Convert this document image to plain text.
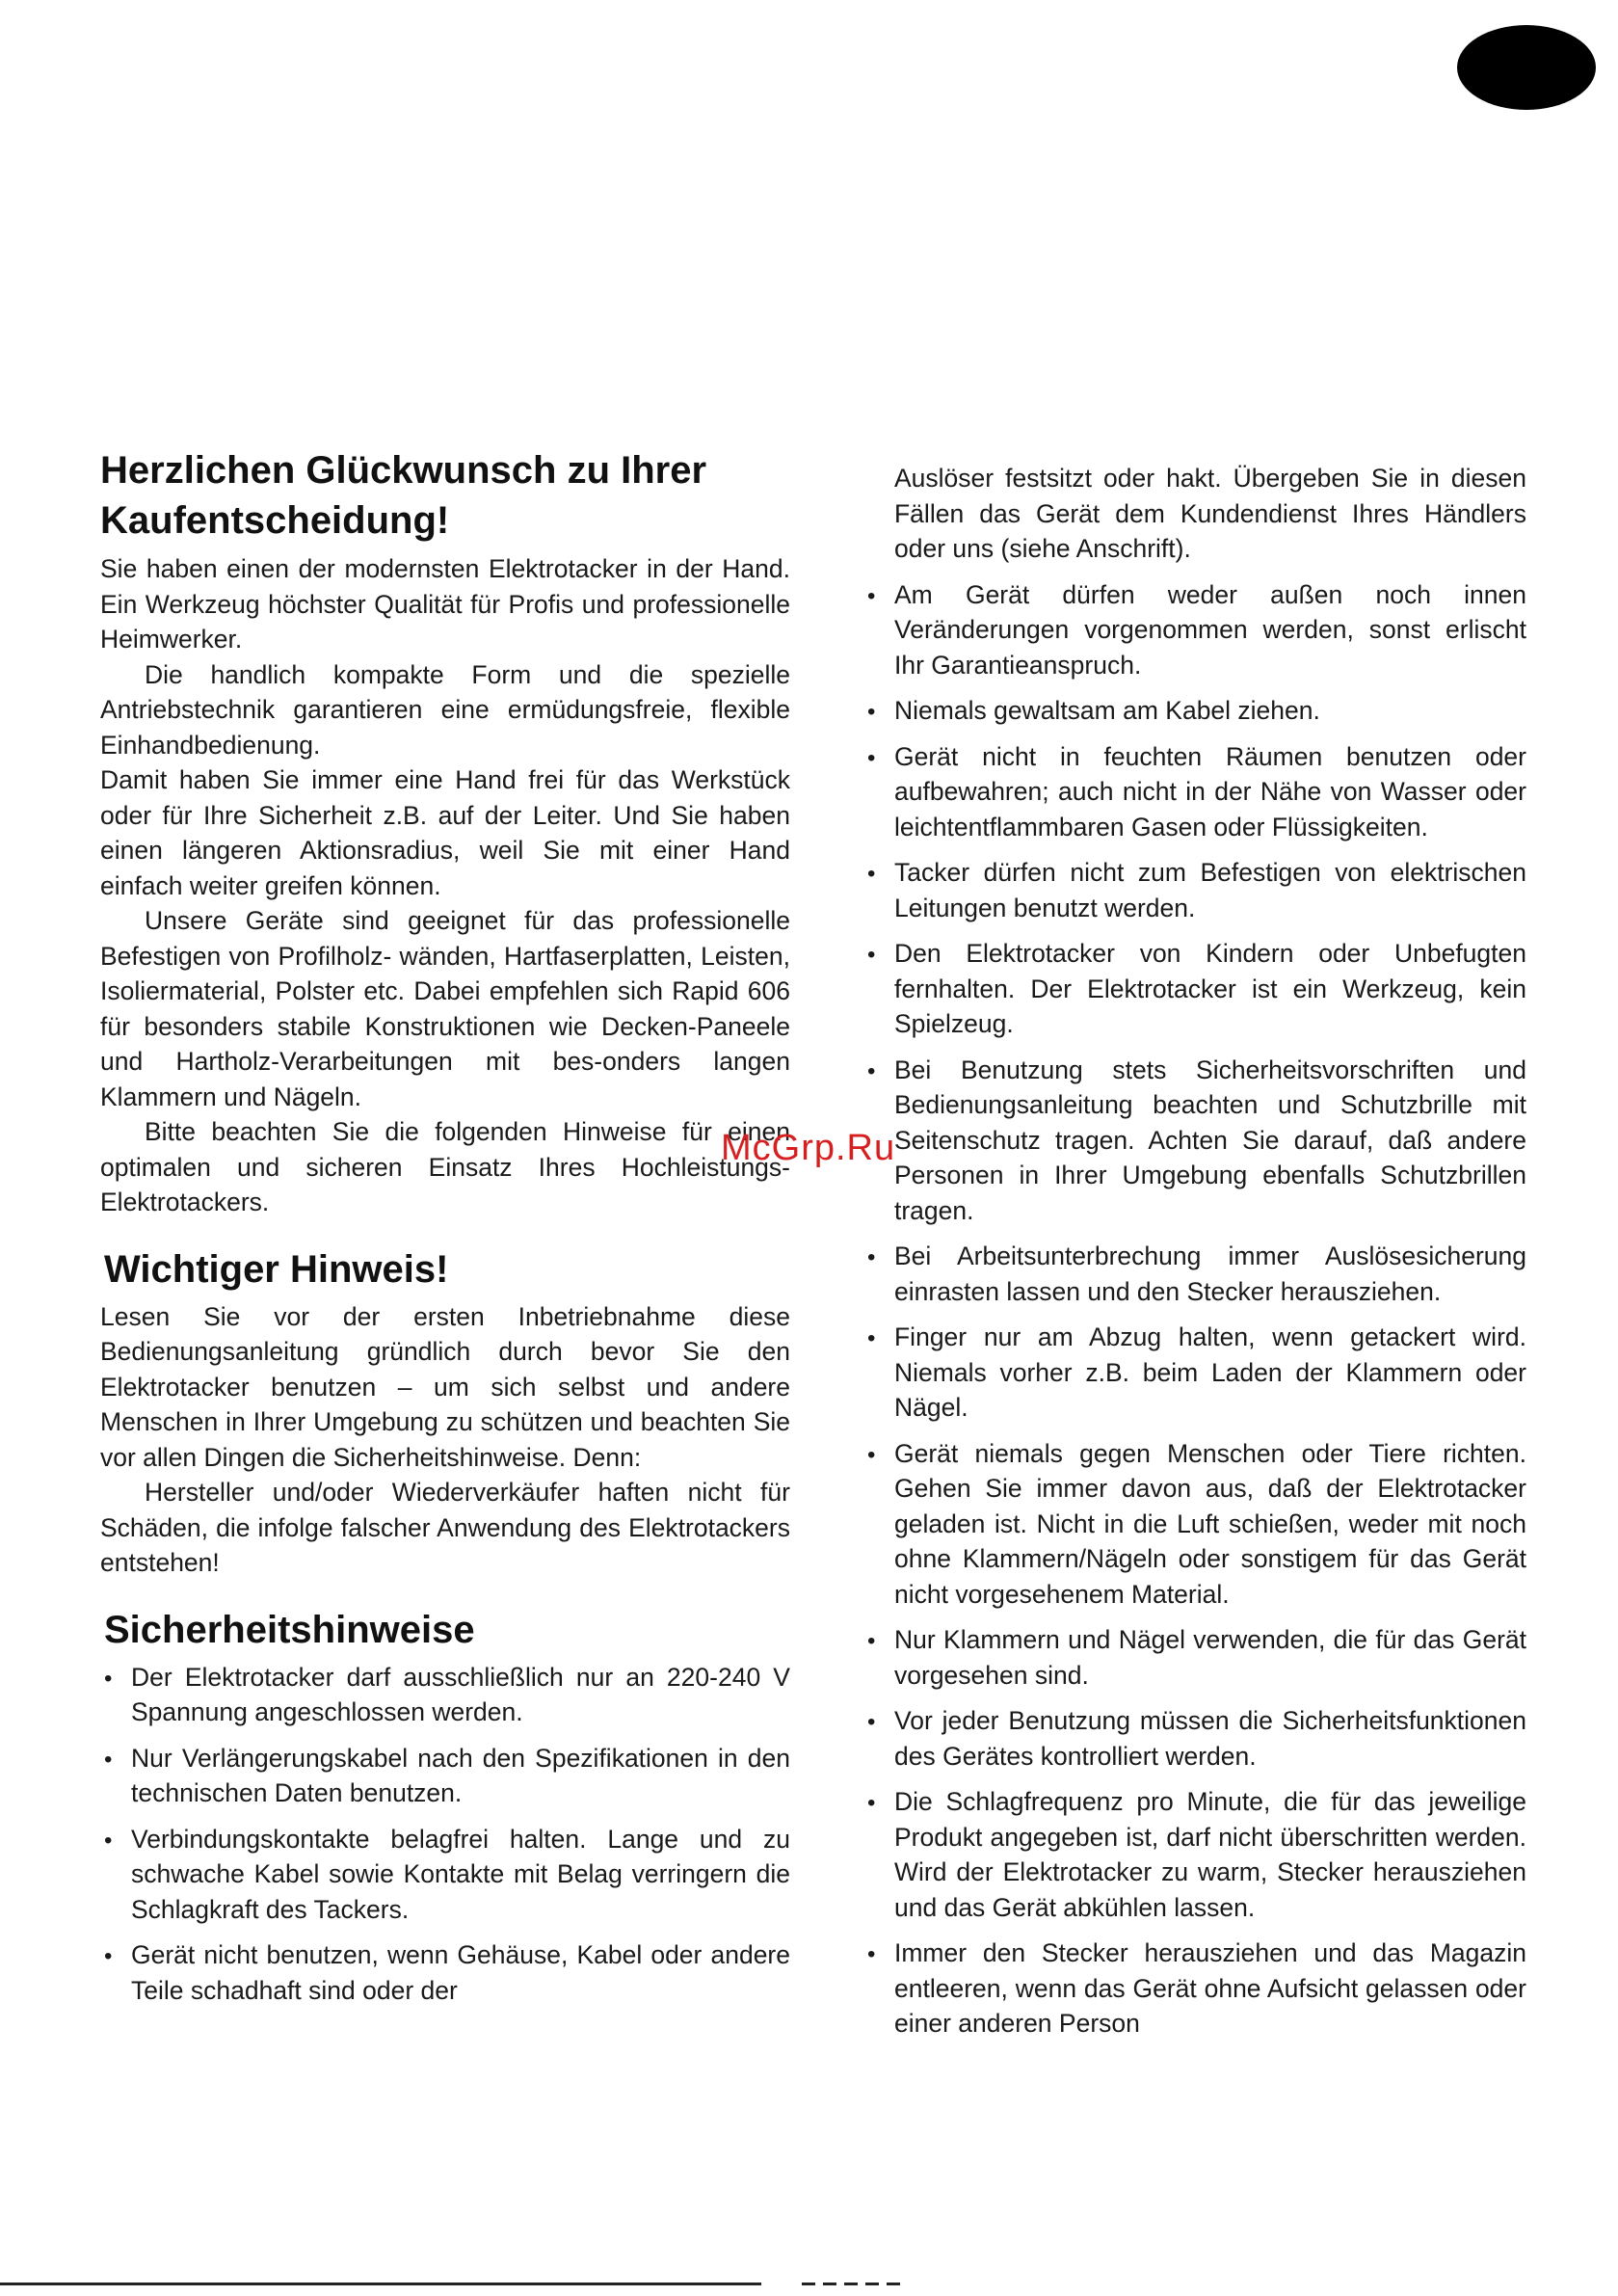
Herzlichen Glückwunsch zu Ihrer Kaufentscheidung!

Sie haben einen der modernsten Elektrotacker in der Hand. Ein Werkzeug höchster Qualität für Profis und professionelle Heimwerker.

Die handlich kompakte Form und die spezielle Antriebstechnik garantieren eine ermüdungsfreie, flexible Einhandbedienung.

Damit haben Sie immer eine Hand frei für das Werkstück oder für Ihre Sicherheit z.B. auf der Leiter. Und Sie haben einen längeren Aktionsradius, weil Sie mit einer Hand einfach weiter greifen können.

Unsere Geräte sind geeignet für das professionelle Befestigen von Profilholz- wänden, Hartfaserplatten, Leisten, Isoliermaterial, Polster etc. Dabei empfehlen sich Rapid 606 für besonders stabile Konstruktionen wie Decken-Paneele und Hartholz-Verarbeitungen mit bes-onders langen Klammern und Nägeln.

Bitte beachten Sie die folgenden Hinweise für einen optimalen und sicheren Einsatz Ihres Hochleistungs-Elektrotackers.

Wichtiger Hinweis!

Lesen Sie vor der ersten Inbetriebnahme diese Bedienungsanleitung gründlich durch bevor Sie den Elektrotacker benutzen – um sich selbst und andere Menschen in Ihrer Umgebung zu schützen und beachten Sie vor allen Dingen die Sicherheitshinweise. Denn:

Hersteller und/oder Wiederverkäufer haften nicht für Schäden, die infolge falscher Anwendung des Elektrotackers entstehen!

Sicherheitshinweise
• Der Elektrotacker darf ausschließlich nur an 220-240 V Spannung angeschlossen werden.
• Nur Verlängerungskabel nach den Spezifikationen in den technischen Daten benutzen.
• Verbindungskontakte belagfrei halten. Lange und zu schwache Kabel sowie Kontakte mit Belag verringern die Schlagkraft des Tackers.
• Gerät nicht benutzen, wenn Gehäuse, Kabel oder andere Teile schadhaft sind oder der

Auslöser festsitzt oder hakt. Übergeben Sie in diesen Fällen das Gerät dem Kundendienst Ihres Händlers oder uns (siehe Anschrift).

• Am Gerät dürfen weder außen noch innen Veränderungen vorgenommen werden, sonst erlischt Ihr Garantieanspruch.
• Niemals gewaltsam am Kabel ziehen.
• Gerät nicht in feuchten Räumen benutzen oder aufbewahren; auch nicht in der Nähe von Wasser oder leichtentflammbaren Gasen oder Flüssigkeiten.
• Tacker dürfen nicht zum Befestigen von elektrischen Leitungen benutzt werden.
• Den Elektrotacker von Kindern oder Unbefugten fernhalten. Der Elektrotacker ist ein Werkzeug, kein Spielzeug.
• Bei Benutzung stets Sicherheitsvorschriften und Bedienungsanleitung beachten und Schutzbrille mit Seitenschutz tragen. Achten Sie darauf, daß andere Personen in Ihrer Umgebung ebenfalls Schutzbrillen tragen.
• Bei Arbeitsunterbrechung immer Auslösesicherung einrasten lassen und den Stecker herausziehen.
• Finger nur am Abzug halten, wenn getackert wird. Niemals vorher z.B. beim Laden der Klammern oder Nägel.
• Gerät niemals gegen Menschen oder Tiere richten. Gehen Sie immer davon aus, daß der Elektrotacker geladen ist. Nicht in die Luft schießen, weder mit noch ohne Klammern/Nägeln oder sonstigem für das Gerät nicht vorgesehenem Material.
• Nur Klammern und Nägel verwenden, die für das Gerät vorgesehen sind.
• Vor jeder Benutzung müssen die Sicherheitsfunktionen des Gerätes kontrolliert werden.
• Die Schlagfrequenz pro Minute, die für das jeweilige Produkt angegeben ist, darf nicht überschritten werden. Wird der Elektrotacker zu warm, Stecker herausziehen und das Gerät abkühlen lassen.
• Immer den Stecker herausziehen und das Magazin entleeren, wenn das Gerät ohne Aufsicht gelassen oder einer anderen Person
McGrp.Ru
